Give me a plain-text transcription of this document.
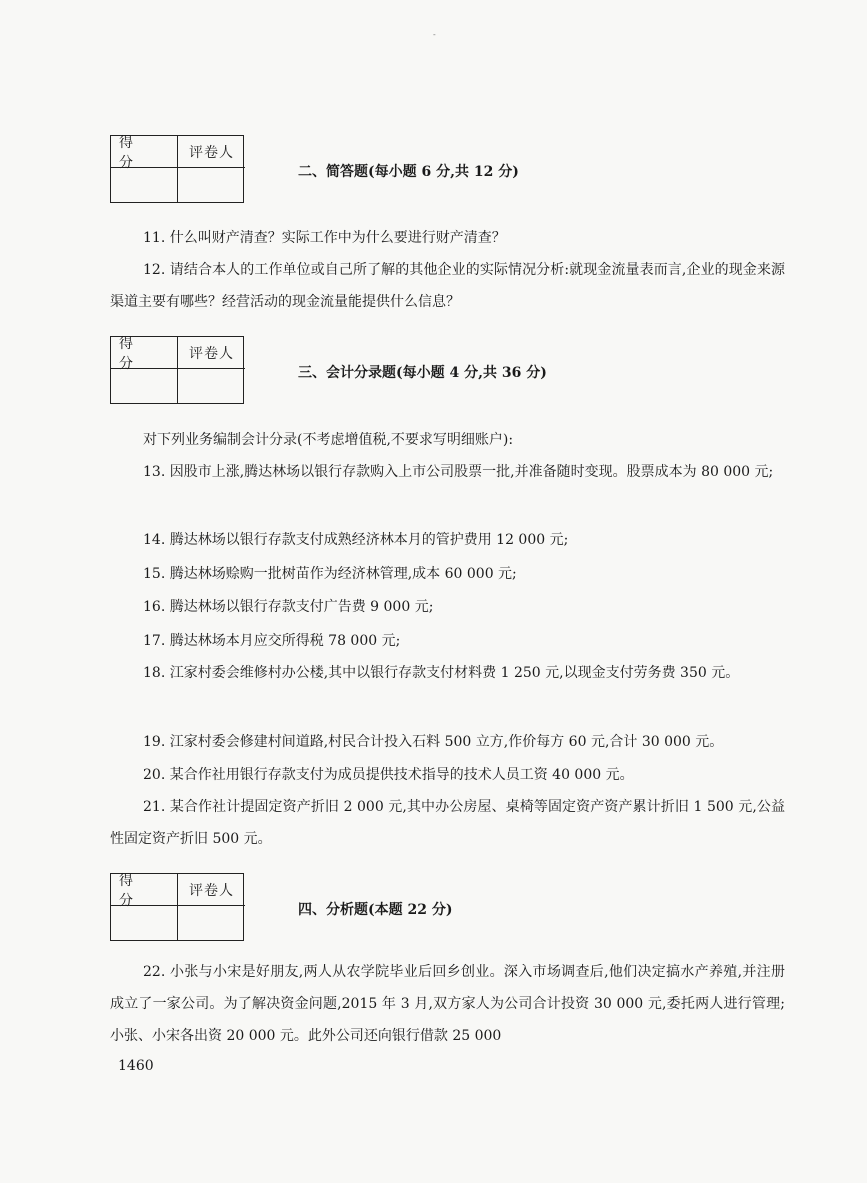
-
得 分
评卷人
二、简答题(每小题 6 分,共 12 分)
11. 什么叫财产清查？实际工作中为什么要进行财产清查？
12. 请结合本人的工作单位或自己所了解的其他企业的实际情况分析:就现金流量表而言,企业的现金来源渠道主要有哪些？经营活动的现金流量能提供什么信息？
得 分
评卷人
三、会计分录题(每小题 4 分,共 36 分)
对下列业务编制会计分录(不考虑增值税,不要求写明细账户):
13. 因股市上涨,腾达林场以银行存款购入上市公司股票一批,并准备随时变现。股票成本为 80 000 元;
14. 腾达林场以银行存款支付成熟经济林本月的管护费用 12 000 元;
15. 腾达林场赊购一批树苗作为经济林管理,成本 60 000 元;
16. 腾达林场以银行存款支付广告费 9 000 元;
17. 腾达林场本月应交所得税 78 000 元;
18. 江家村委会维修村办公楼,其中以银行存款支付材料费 1 250 元,以现金支付劳务费 350 元。
19. 江家村委会修建村间道路,村民合计投入石料 500 立方,作价每方 60 元,合计 30 000 元。
20. 某合作社用银行存款支付为成员提供技术指导的技术人员工资 40 000 元。
21. 某合作社计提固定资产折旧 2 000 元,其中办公房屋、桌椅等固定资产资产累计折旧 1 500 元,公益性固定资产折旧 500 元。
得 分
评卷人
四、分析题(本题 22 分)
22. 小张与小宋是好朋友,两人从农学院毕业后回乡创业。深入市场调查后,他们决定搞水产养殖,并注册成立了一家公司。为了解决资金问题,2015 年 3 月,双方家人为公司合计投资 30 000 元,委托两人进行管理;小张、小宋各出资 20 000 元。此外公司还向银行借款 25 000
1460
